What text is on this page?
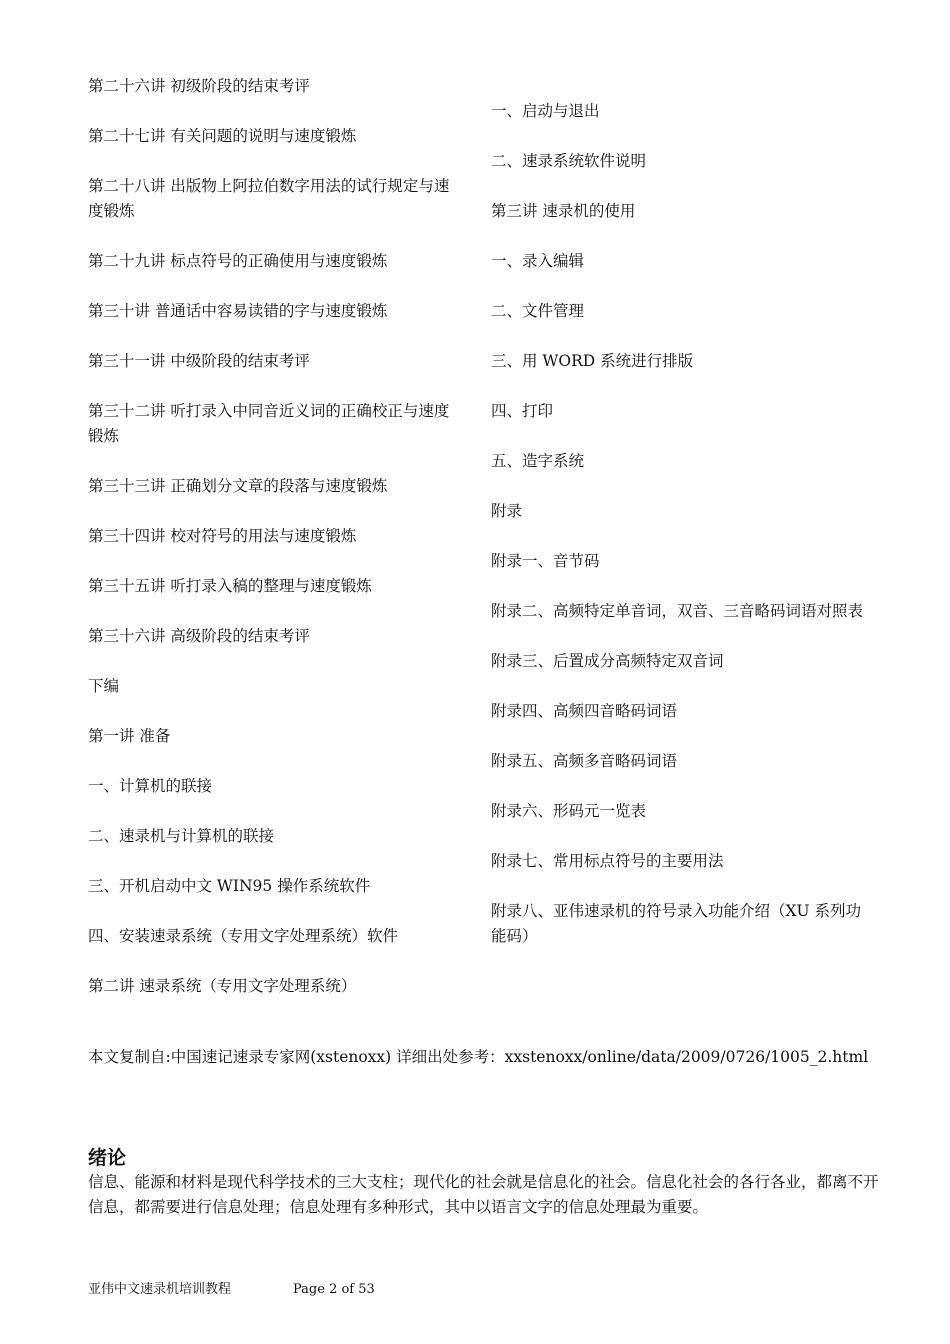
第二十六讲 初级阶段的结束考评

第二十七讲 有关问题的说明与速度锻炼

第二十八讲 出版物上阿拉伯数字用法的试行规定与速度锻炼

第二十九讲 标点符号的正确使用与速度锻炼

第三十讲 普通话中容易读错的字与速度锻炼

第三十一讲 中级阶段的结束考评

第三十二讲 听打录入中同音近义词的正确校正与速度锻炼

第三十三讲 正确划分文章的段落与速度锻炼

第三十四讲 校对符号的用法与速度锻炼

第三十五讲 听打录入稿的整理与速度锻炼

第三十六讲 高级阶段的结束考评

下编

第一讲 准备

一、计算机的联接

二、速录机与计算机的联接

三、开机启动中文 WIN95 操作系统软件

四、安装速录系统（专用文字处理系统）软件

第二讲 速录系统（专用文字处理系统）

一、启动与退出

二、速录系统软件说明

第三讲 速录机的使用

一、录入编辑

二、文件管理

三、用 WORD 系统进行排版

四、打印

五、造字系统

附录

附录一、音节码

附录二、高频特定单音词，双音、三音略码词语对照表

附录三、后置成分高频特定双音词

附录四、高频四音略码词语

附录五、高频多音略码词语

附录六、形码元一览表

附录七、常用标点符号的主要用法

附录八、亚伟速录机的符号录入功能介绍（XU 系列功能码）

本文复制自:中国速记速录专家网(xstenoxx) 详细出处参考：xxstenoxx/online/data/2009/0726/1005_2.html
绪论
信息、能源和材料是现代科学技术的三大支柱；现代化的社会就是信息化的社会。信息化社会的各行各业，都离不开信息，都需要进行信息处理；信息处理有多种形式，其中以语言文字的信息处理最为重要。
亚伟中文速录机培训教程	Page 2 of 53
